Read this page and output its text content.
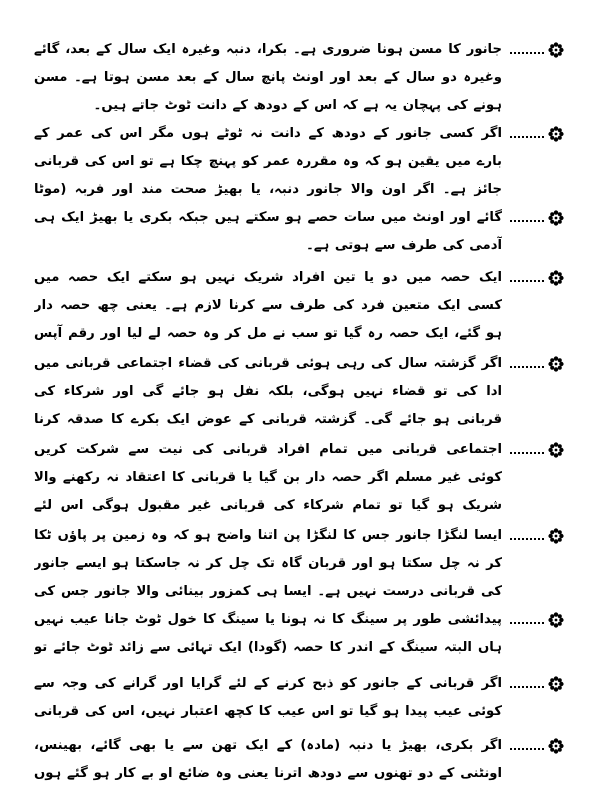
جانور کا مسن ہونا ضروری ہے۔ بکرا، دنبہ وغیرہ ایک سال کے بعد، گائے وغیرہ دو سال کے بعد اور اونٹ پانچ سال کے بعد مسن ہوتا ہے۔ مسن ہونے کی پہچان یہ ہے کہ اس کے دودھ کے دانت ٹوٹ جاتے ہیں۔
اگر کسی جانور کے دودھ کے دانت نہ ٹوٹے ہوں مگر اس کی عمر کے بارے میں یقین ہو کہ وہ مقررہ عمر کو پہنچ چکا ہے تو اس کی قربانی جائز ہے۔ اگر اون والا جانور دنبہ، یا بھیڑ صحت مند اور فربہ (موٹا
گائے اور اونٹ میں سات حصے ہو سکتے ہیں جبکہ بکری یا بھیڑ ایک ہی آدمی کی طرف سے ہوتی ہے۔
ایک حصہ میں دو یا تین افراد شریک نہیں ہو سکتے ایک حصہ میں کسی ایک متعین فرد کی طرف سے کرنا لازم ہے۔ یعنی چھ حصہ دار ہو گئے، ایک حصہ رہ گیا تو سب نے مل کر وہ حصہ لے لیا اور رقم آپس
اگر گزشتہ سال کی رہی ہوئی قربانی کی قضاء اجتماعی قربانی میں ادا کی تو قضاء نہیں ہوگی، بلکہ نفل ہو جائے گی اور شرکاء کی قربانی ہو جائے گی۔ گزشتہ قربانی کے عوض ایک بکرے کا صدقہ کرنا
اجتماعی قربانی میں تمام افراد قربانی کی نیت سے شرکت کریں کوئی غیر مسلم اگر حصہ دار بن گیا یا قربانی کا اعتقاد نہ رکھنے والا شریک ہو گیا تو تمام شرکاء کی قربانی غیر مقبول ہوگی اس لئے
ایسا لنگڑا جانور جس کا لنگڑا پن اتنا واضح ہو کہ وہ زمین پر پاؤں ٹکا کر نہ چل سکتا ہو اور قربان گاہ تک چل کر نہ جاسکتا ہو ایسے جانور کی قربانی درست نہیں ہے۔ ایسا ہی کمزور بینائی والا جانور جس کی
پیدائشی طور پر سینگ کا نہ ہونا یا سینگ کا خول ٹوٹ جانا عیب نہیں ہاں البتہ سینگ کے اندر کا حصہ (گودا) ایک تہائی سے زائد ٹوٹ جائے تو
اگر قربانی کے جانور کو ذبح کرنے کے لئے گرایا اور گرانے کی وجہ سے کوئی عیب پیدا ہو گیا تو اس عیب کا کچھ اعتبار نہیں، اس کی قربانی
اگر بکری، بھیڑ یا دنبہ (مادہ) کے ایک تھن سے یا بھی گائے، بھینس، اونٹنی کے دو تھنوں سے دودھ اترنا یعنی وہ ضائع او بے کار ہو گئے ہوں
